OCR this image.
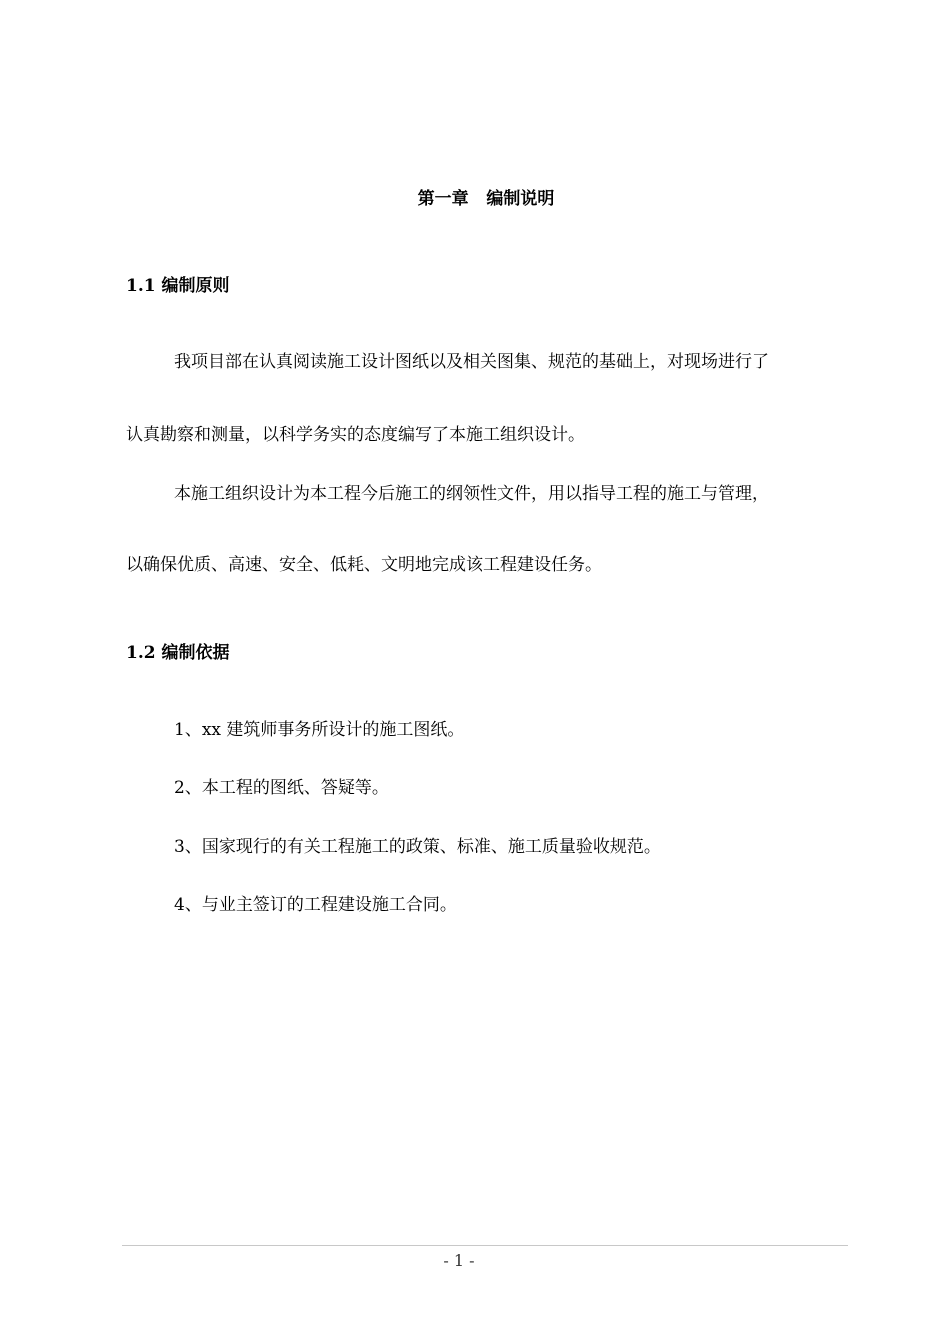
第一章   编制说明
1.1 编制原则
我项目部在认真阅读施工设计图纸以及相关图集、规范的基础上，对现场进行了
认真勘察和测量，以科学务实的态度编写了本施工组织设计。
本施工组织设计为本工程今后施工的纲领性文件，用以指导工程的施工与管理，
以确保优质、高速、安全、低耗、文明地完成该工程建设任务。
1.2 编制依据
1、xx 建筑师事务所设计的施工图纸。
2、本工程的图纸、答疑等。
3、国家现行的有关工程施工的政策、标准、施工质量验收规范。
4、与业主签订的工程建设施工合同。
- 1 -
